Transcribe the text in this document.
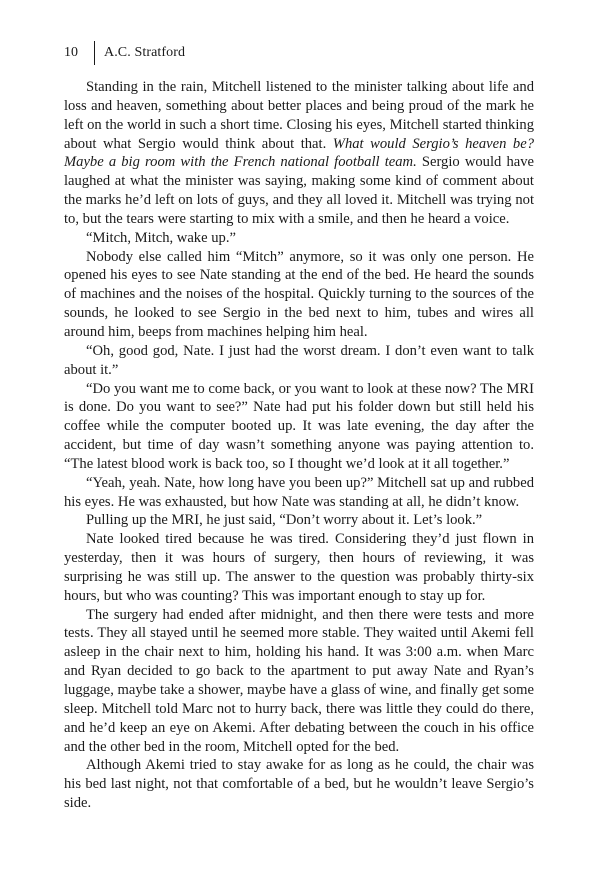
10	A.C. Stratford

Standing in the rain, Mitchell listened to the minister talking about life and loss and heaven, something about better places and being proud of the mark he left on the world in such a short time. Closing his eyes, Mitchell started thinking about what Sergio would think about that. What would Sergio’s heaven be? Maybe a big room with the French national football team. Sergio would have laughed at what the minister was saying, making some kind of comment about the marks he’d left on lots of guys, and they all loved it. Mitchell was trying not to, but the tears were starting to mix with a smile, and then he heard a voice.

“Mitch, Mitch, wake up.”

Nobody else called him “Mitch” anymore, so it was only one person. He opened his eyes to see Nate standing at the end of the bed. He heard the sounds of machines and the noises of the hospital. Quickly turning to the sources of the sounds, he looked to see Sergio in the bed next to him, tubes and wires all around him, beeps from machines helping him heal.

“Oh, good god, Nate. I just had the worst dream. I don’t even want to talk about it.”

“Do you want me to come back, or you want to look at these now? The MRI is done. Do you want to see?” Nate had put his folder down but still held his coffee while the computer booted up. It was late evening, the day after the accident, but time of day wasn’t something anyone was paying attention to. “The latest blood work is back too, so I thought we’d look at it all together.”

“Yeah, yeah. Nate, how long have you been up?” Mitchell sat up and rubbed his eyes. He was exhausted, but how Nate was standing at all, he didn’t know.

Pulling up the MRI, he just said, “Don’t worry about it. Let’s look.”

Nate looked tired because he was tired. Considering they’d just flown in yesterday, then it was hours of surgery, then hours of reviewing, it was surprising he was still up. The answer to the question was probably thirty-six hours, but who was counting? This was important enough to stay up for.

The surgery had ended after midnight, and then there were tests and more tests. They all stayed until he seemed more stable. They waited until Akemi fell asleep in the chair next to him, holding his hand. It was 3:00 a.m. when Marc and Ryan decided to go back to the apartment to put away Nate and Ryan’s luggage, maybe take a shower, maybe have a glass of wine, and finally get some sleep. Mitchell told Marc not to hurry back, there was little they could do there, and he’d keep an eye on Akemi. After debating between the couch in his office and the other bed in the room, Mitchell opted for the bed.

Although Akemi tried to stay awake for as long as he could, the chair was his bed last night, not that comfortable of a bed, but he wouldn’t leave Sergio’s side.
